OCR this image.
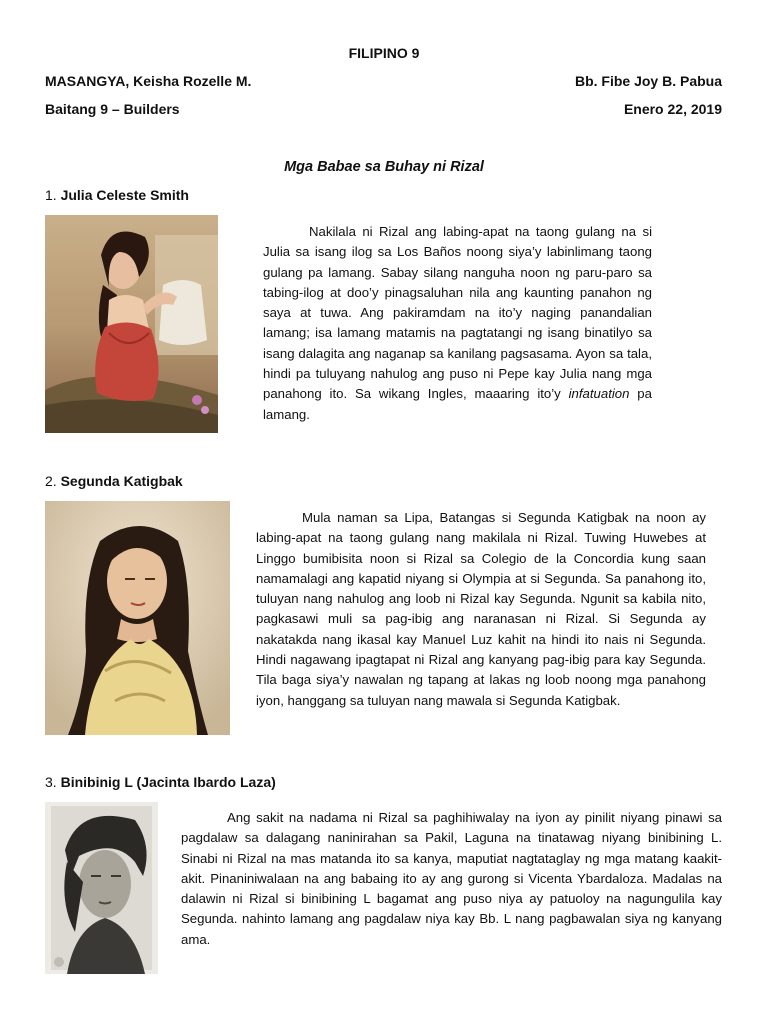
FILIPINO 9
MASANGYA, Keisha Rozelle M.	Bb. Fibe Joy B. Pabua
Baitang 9 – Builders	Enero 22, 2019
Mga Babae sa Buhay ni Rizal
1. Julia Celeste Smith
Nakilala ni Rizal ang labing-apat na taong gulang na si Julia sa isang ilog sa Los Baños noong siya’y labinlimang taong gulang pa lamang. Sabay silang nanguha noon ng paru-paro sa tabing-ilog at doo’y pinagsaluhan nila ang kaunting panahon ng saya at tuwa. Ang pakiramdam na ito’y naging panandalian lamang; isa lamang matamis na pagtatangi ng isang binatilyo sa isang dalagita ang naganap sa kanilang pagsasama. Ayon sa tala, hindi pa tuluyang nahulog ang puso ni Pepe kay Julia nang mga panahong ito. Sa wikang Ingles, maaaring ito’y infatuation pa lamang.
2. Segunda Katigbak
Mula naman sa Lipa, Batangas si Segunda Katigbak na noon ay labing-apat na taong gulang nang makilala ni Rizal. Tuwing Huwebes at Linggo bumibisita noon si Rizal sa Colegio de la Concordia kung saan namamalagi ang kapatid niyang si Olympia at si Segunda. Sa panahong ito, tuluyan nang nahulog ang loob ni Rizal kay Segunda. Ngunit sa kabila nito, pagkasawi muli sa pag-ibig ang naranasan ni Rizal. Si Segunda ay nakatakda nang ikasal kay Manuel Luz kahit na hindi ito nais ni Segunda. Hindi nagawang ipagtapat ni Rizal ang kanyang pag-ibig para kay Segunda. Tila baga siya’y nawalan ng tapang at lakas ng loob noong mga panahong iyon, hanggang sa tuluyan nang mawala si Segunda Katigbak.
3. Binibinig L (Jacinta Ibardo Laza)
Ang sakit na nadama ni Rizal sa paghihiwalay na iyon ay pinilit niyang pinawi sa pagdalaw sa dalagang naninirahan sa Pakil, Laguna na tinatawag niyang binibining L. Sinabi ni Rizal na mas matanda ito sa kanya, maputiat nagtataglay ng mga matang kaakit-akit. Pinaniniwalaan na ang babaing ito ay ang gurong si Vicenta Ybardaloza. Madalas na dalawin ni Rizal si binibining L bagamat ang puso niya ay patuoloy na nagungulila kay Segunda. nahinto lamang ang pagdalaw niya kay Bb. L nang pagbawalan siya ng kanyang ama.
